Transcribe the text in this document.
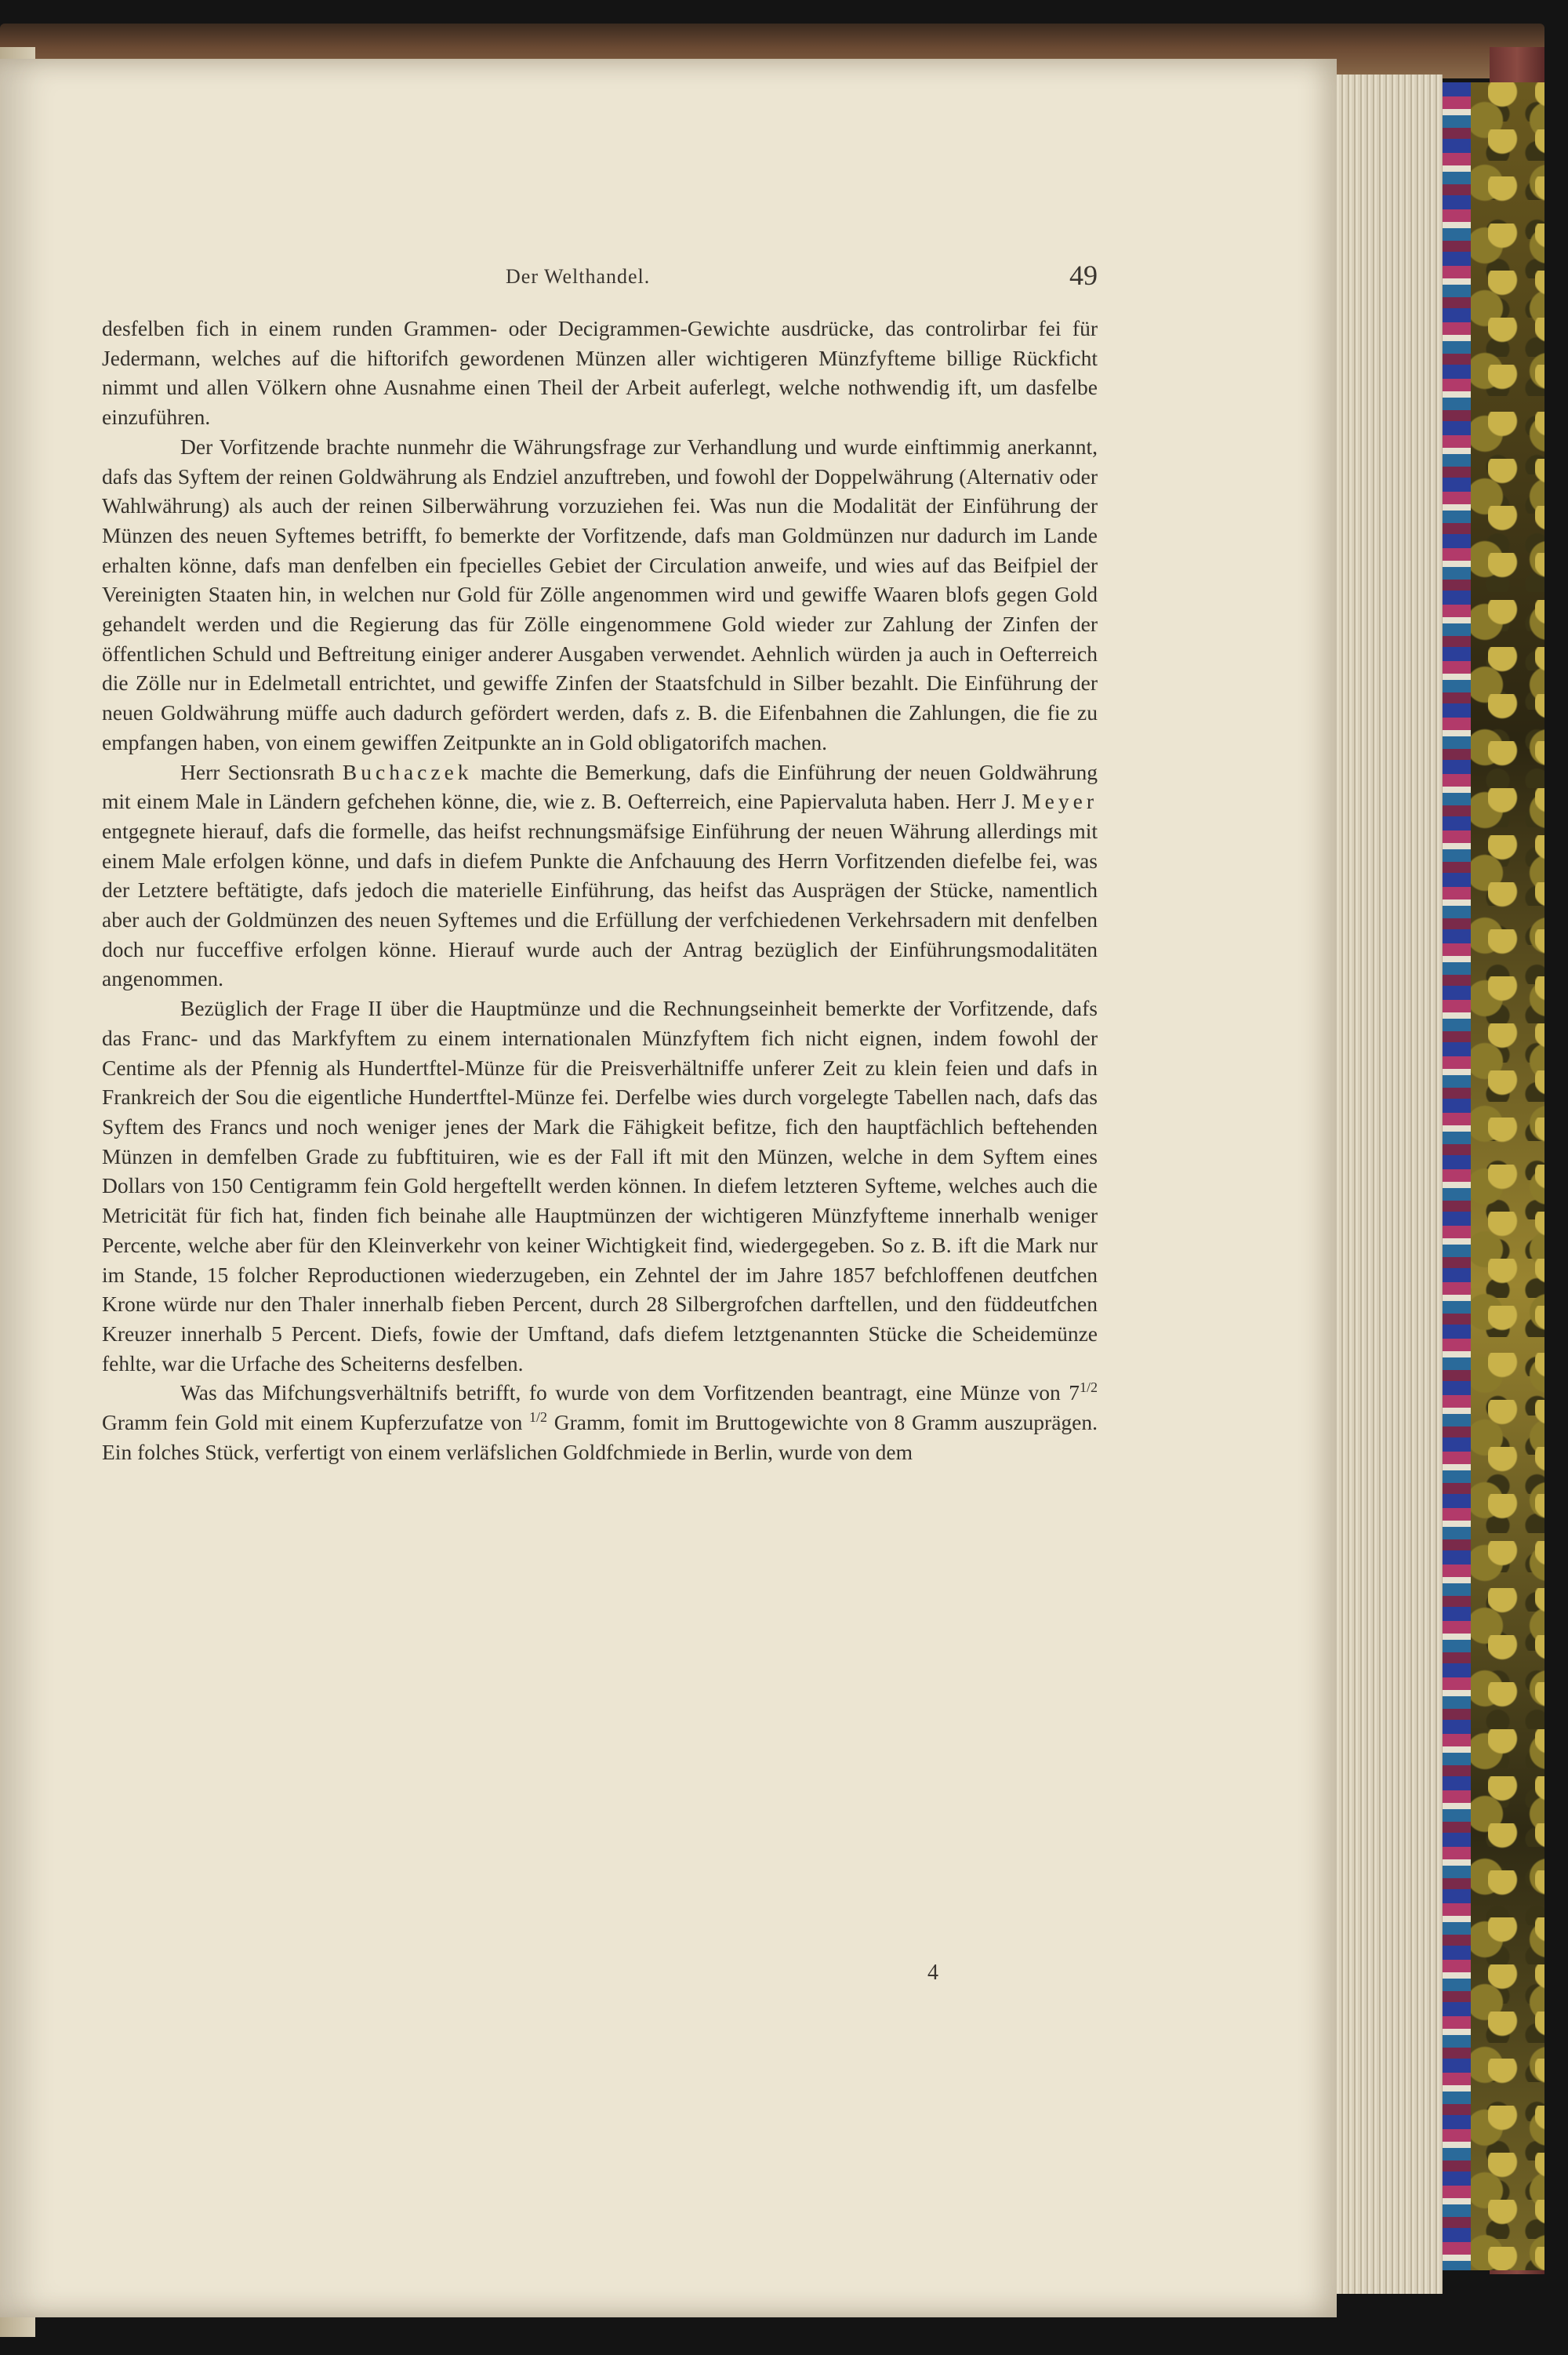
Der Welthandel.	49

desfelben fich in einem runden Grammen- oder Decigrammen-Gewichte ausdrücke, das controlirbar fei für Jedermann, welches auf die hiftorifch gewordenen Münzen aller wichtigeren Münzfyfteme billige Rückficht nimmt und allen Völkern ohne Ausnahme einen Theil der Arbeit auferlegt, welche nothwendig ift, um dasfelbe einzuführen.

Der Vorfitzende brachte nunmehr die Währungsfrage zur Verhandlung und wurde einftimmig anerkannt, dafs das Syftem der reinen Goldwährung als Endziel anzuftreben, und fowohl der Doppelwährung (Alternativ oder Wahlwährung) als auch der reinen Silberwährung vorzuziehen fei. Was nun die Modalität der Einführung der Münzen des neuen Syftemes betrifft, fo bemerkte der Vorfitzende, dafs man Goldmünzen nur dadurch im Lande erhalten könne, dafs man denfelben ein fpecielles Gebiet der Circulation anweife, und wies auf das Beifpiel der Vereinigten Staaten hin, in welchen nur Gold für Zölle angenommen wird und gewiffe Waaren blofs gegen Gold gehandelt werden und die Regierung das für Zölle eingenommene Gold wieder zur Zahlung der Zinfen der öffentlichen Schuld und Beftreitung einiger anderer Ausgaben verwendet. Aehnlich würden ja auch in Oefterreich die Zölle nur in Edelmetall entrichtet, und gewiffe Zinfen der Staatsfchuld in Silber bezahlt. Die Einführung der neuen Goldwährung müffe auch dadurch gefördert werden, dafs z. B. die Eifenbahnen die Zahlungen, die fie zu empfangen haben, von einem gewiffen Zeitpunkte an in Gold obligatorifch machen.

Herr Sectionsrath Buchaczek machte die Bemerkung, dafs die Einführung der neuen Goldwährung mit einem Male in Ländern gefchehen könne, die, wie z. B. Oefterreich, eine Papiervaluta haben. Herr J. Meyer entgegnete hierauf, dafs die formelle, das heifst rechnungsmäfsige Einführung der neuen Währung allerdings mit einem Male erfolgen könne, und dafs in diefem Punkte die Anfchauung des Herrn Vorfitzenden diefelbe fei, was der Letztere beftätigte, dafs jedoch die materielle Einführung, das heifst das Ausprägen der Stücke, namentlich aber auch der Goldmünzen des neuen Syftemes und die Erfüllung der verfchiedenen Verkehrsadern mit denfelben doch nur fucceffive erfolgen könne. Hierauf wurde auch der Antrag bezüglich der Einführungsmodalitäten angenommen.

Bezüglich der Frage II über die Hauptmünze und die Rechnungseinheit bemerkte der Vorfitzende, dafs das Franc- und das Markfyftem zu einem internationalen Münzfyftem fich nicht eignen, indem fowohl der Centime als der Pfennig als Hundertftel-Münze für die Preisverhältniffe unferer Zeit zu klein feien und dafs in Frankreich der Sou die eigentliche Hundertftel-Münze fei. Derfelbe wies durch vorgelegte Tabellen nach, dafs das Syftem des Francs und noch weniger jenes der Mark die Fähigkeit befitze, fich den hauptfächlich beftehenden Münzen in demfelben Grade zu fubftituiren, wie es der Fall ift mit den Münzen, welche in dem Syftem eines Dollars von 150 Centigramm fein Gold hergeftellt werden können. In diefem letzteren Syfteme, welches auch die Metricität für fich hat, finden fich beinahe alle Hauptmünzen der wichtigeren Münzfyfteme innerhalb weniger Percente, welche aber für den Kleinverkehr von keiner Wichtigkeit find, wiedergegeben. So z. B. ift die Mark nur im Stande, 15 folcher Reproductionen wiederzugeben, ein Zehntel der im Jahre 1857 befchloffenen deutfchen Krone würde nur den Thaler innerhalb fieben Percent, durch 28 Silbergrofchen darftellen, und den füddeutfchen Kreuzer innerhalb 5 Percent. Diefs, fowie der Umftand, dafs diefem letztgenannten Stücke die Scheidemünze fehlte, war die Urfache des Scheiterns desfelben.

Was das Mifchungsverhältnifs betrifft, fo wurde von dem Vorfitzenden beantragt, eine Münze von $7^{1/2}$ Gramm fein Gold mit einem Kupferzufatze von $^{1/2}$ Gramm, fomit im Bruttogewichte von 8 Gramm auszuprägen. Ein folches Stück, verfertigt von einem verläfslichen Goldfchmiede in Berlin, wurde von dem

4
